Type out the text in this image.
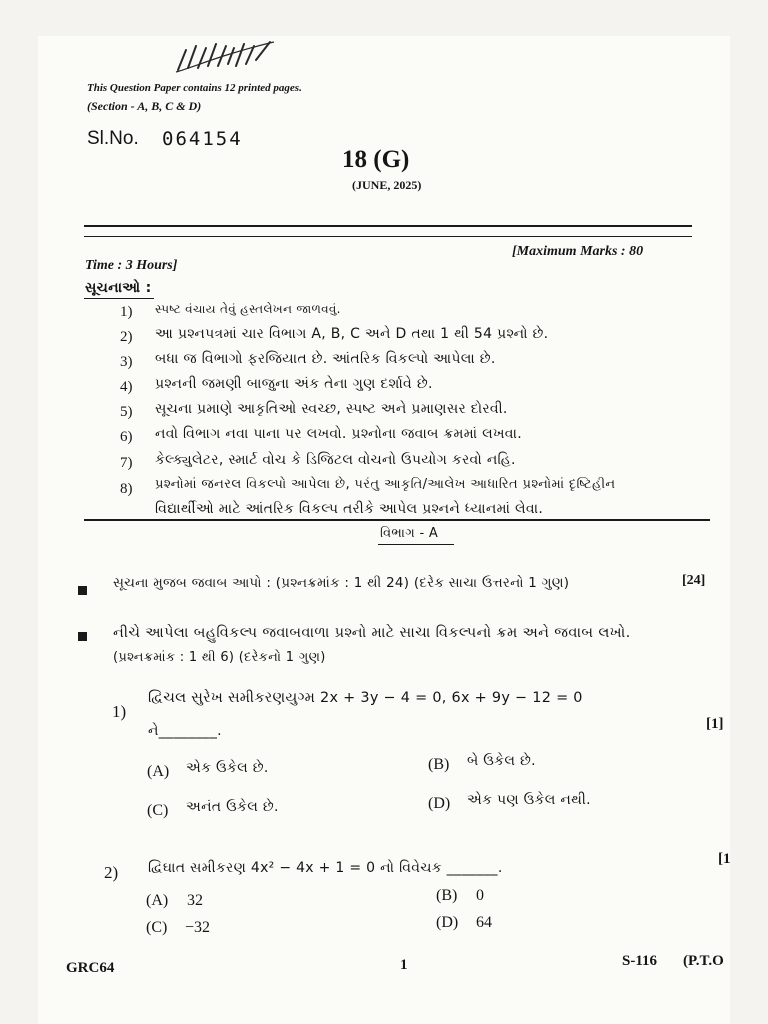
This Question Paper contains 12 printed pages.
(Section - A, B, C & D)
Sl.No. 064154
18 (G)
(JUNE, 2025)
[Maximum Marks : 80
Time : 3 Hours]
સૂચનાઓ :
1) સ્પષ્ટ વંચાય તેવું હસ્તલેખન જાળવવું.
2) આ પ્રશ્નપત્રમાં ચાર વિભાગ A, B, C અને D તથા 1 થી 54 પ્રશ્નો છે.
3) બધા જ વિભાગો ફરજિયાત છે. આંતરિક વિકલ્પો આપેલા છે.
4) પ્રશ્નની જમણી બાજુના અંક તેના ગુણ દર્શાવે છે.
5) સૂચના પ્રમાણે આકૃતિઓ સ્વચ્છ, સ્પષ્ટ અને પ્રમાણસર દોરવી.
6) નવો વિભાગ નવા પાના પર લખવો. પ્રશ્નોના જવાબ ક્રમમાં લખવા.
7) કેલ્ક્યુલેટર, સ્માર્ટ વોચ કે ડિજિટલ વોચનો ઉપયોગ કરવો નહિ.
8) પ્રશ્નોમાં જનરલ વિકલ્પો આપેલા છે, પરંતુ આકૃતિ/આલેખ આધારિત પ્રશ્નોમાં દૃષ્ટિહીન
વિદ્યાર્થીઓ માટે આંતરિક વિકલ્પ તરીકે આપેલ પ્રશ્નને ધ્યાનમાં લેવા.
વિભાગ - A
સૂચના મુજબ જવાબ આપો : (પ્રશ્નક્રમાંક : 1 થી 24) (દરેક સાચા ઉત્તરનો 1 ગુણ)	[24]
નીચે આપેલા બહુવિકલ્પ જવાબવાળા પ્રશ્નો માટે સાચા વિકલ્પનો ક્રમ અને જવાબ લખો.
(પ્રશ્નક્રમાંક : 1 થી 6) (દરેકનો 1 ગુણ)
1)
દ્વિચલ સુરેખ સમીકરણયુગ્મ 2x + 3y − 4 = 0, 6x + 9y − 12 = 0
ને________.	[1]
(A) એક ઉકેલ છે.	(B) બે ઉકેલ છે.
(C) અનંત ઉકેલ છે.	(D) એક પણ ઉકેલ નથી.
2) દ્વિઘાત સમીકરણ 4x² − 4x + 1 = 0 નો વિવેચક _______.
[1
(A) 32	(B) 0
(C) −32	(D) 64
GRC64	1	S-116 (P.T.O
